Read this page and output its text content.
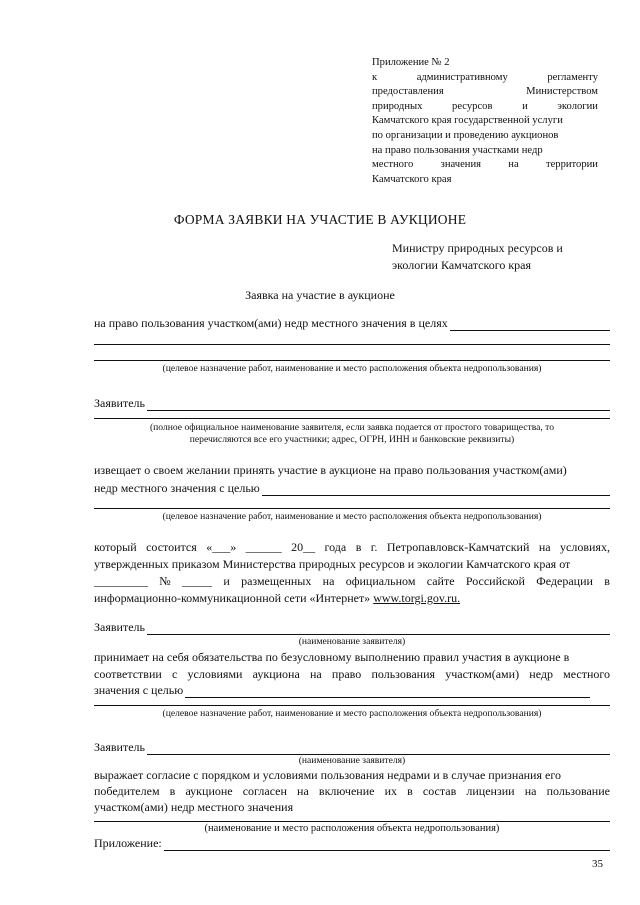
Приложение № 2
к	административному	регламенту
предоставления	Министерством
природных	ресурсов	и	экологии
Камчатского края государственной услуги
по организации и проведению аукционов
на право пользования участками недр
местного	значения	на	территории
Камчатского края
ФОРМА ЗАЯВКИ НА УЧАСТИЕ В АУКЦИОНЕ
Министру природных ресурсов и
экологии Камчатского края
Заявка на участие в аукционе
на право пользования участком(ами) недр местного значения в целях
(целевое назначение работ, наименование и место расположения объекта недропользования)
Заявитель
(полное официальное наименование заявителя, если заявка подается от простого товарищества, то
перечисляются все его участники; адрес, ОГРН, ИНН и банковские реквизиты)
извещает о своем желании принять участие в аукционе на право пользования участком(ами)
недр местного значения с целью
(целевое назначение работ, наименование и место расположения объекта недропользования)
который состоится «___» ______ 20__ года в г. Петропавловск-Камчатский на условиях,
утвержденных приказом Министерства природных ресурсов и экологии Камчатского края от
_________ № _____ и размещенных на официальном сайте Российской Федерации в
информационно-коммуникационной сети «Интернет» www.torgi.gov.ru.
Заявитель
(наименование заявителя)
принимает на себя обязательства по безусловному выполнению правил участия в аукционе в
соответствии с условиями аукциона на право пользования участком(ами) недр местного
значения с целью
(целевое назначение работ, наименование и место расположения объекта недропользования)
Заявитель
(наименование заявителя)
выражает согласие с порядком и условиями пользования недрами и в случае признания его
победителем в аукционе согласен на включение их в состав лицензии на пользование
участком(ами) недр местного значения
(наименование и место расположения объекта недропользования)
Приложение:
35
